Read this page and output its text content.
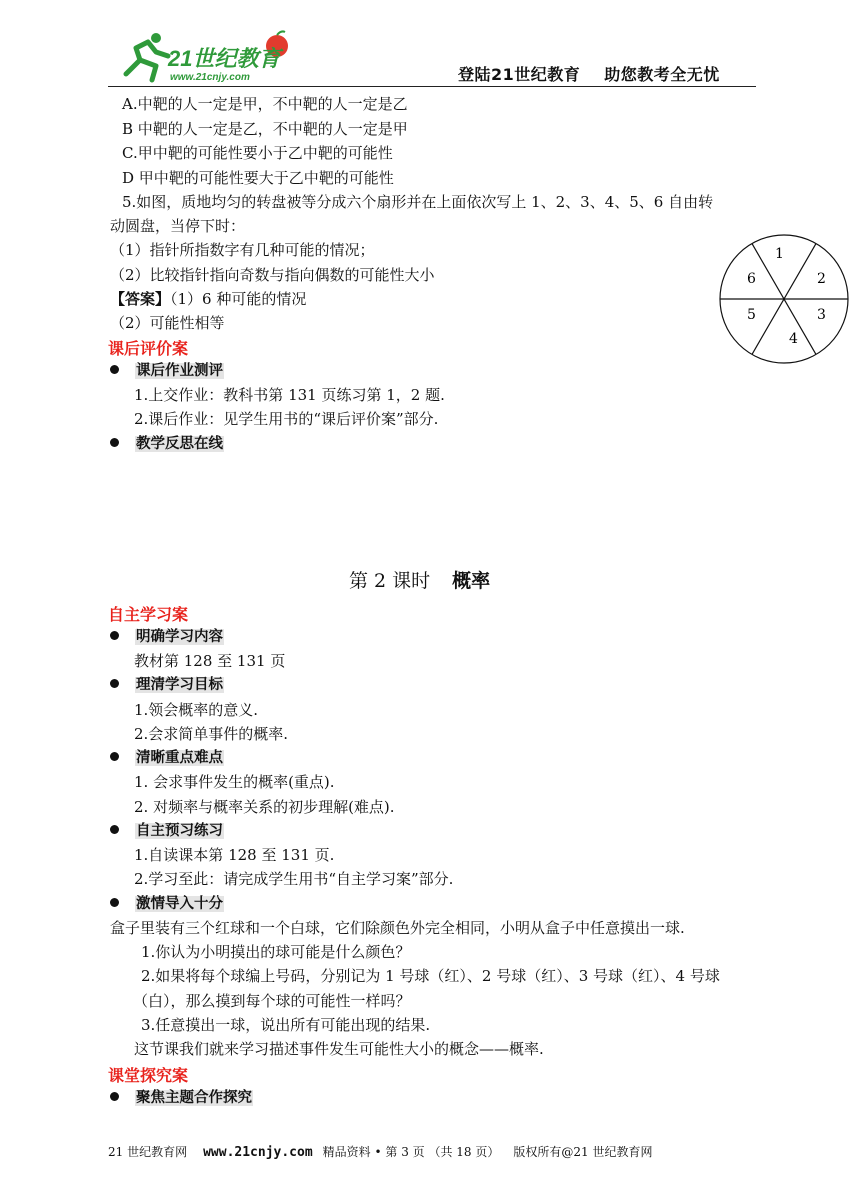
21世纪教育
www.21cnjy.com	登陆21世纪教育 助您教考全无忧
A.中靶的人一定是甲，不中靶的人一定是乙
B 中靶的人一定是乙，不中靶的人一定是甲
C.甲中靶的可能性要小于乙中靶的可能性
D 甲中靶的可能性要大于乙中靶的可能性
5.如图，质地均匀的转盘被等分成六个扇形并在上面依次写上 1、2、3、4、5、6 自由转
动圆盘，当停下时：
（1）指针所指数字有几种可能的情况；
（2）比较指针指向奇数与指向偶数的可能性大小
【答案】（1）6 种可能的情况
（2）可能性相等
1
2
3
4
5
6
课后评价案
课后作业测评
1.上交作业：教科书第 131 页练习第 1，2 题.
2.课后作业：见学生用书的“课后评价案”部分.
教学反思在线
第 2 课时 概率
自主学习案
明确学习内容
教材第 128 至 131 页
理清学习目标
1.领会概率的意义.
2.会求简单事件的概率.
清晰重点难点
1. 会求事件发生的概率(重点).
2. 对频率与概率关系的初步理解(难点).
自主预习练习
1.自读课本第 128 至 131 页.
2.学习至此：请完成学生用书“自主学习案”部分.
激情导入十分
盒子里装有三个红球和一个白球，它们除颜色外完全相同，小明从盒子中任意摸出一球.
1.你认为小明摸出的球可能是什么颜色？
2.如果将每个球编上号码，分别记为 1 号球（红）、2 号球（红）、3 号球（红）、4 号球
（白），那么摸到每个球的可能性一样吗？
3.任意摸出一球，说出所有可能出现的结果.
这节课我们就来学习描述事件发生可能性大小的概念——概率.
课堂探究案
聚焦主题合作探究
21 世纪教育网 www.21cnjy.com 精品资料 • 第 3 页 （共 18 页） 版权所有@21 世纪教育网
